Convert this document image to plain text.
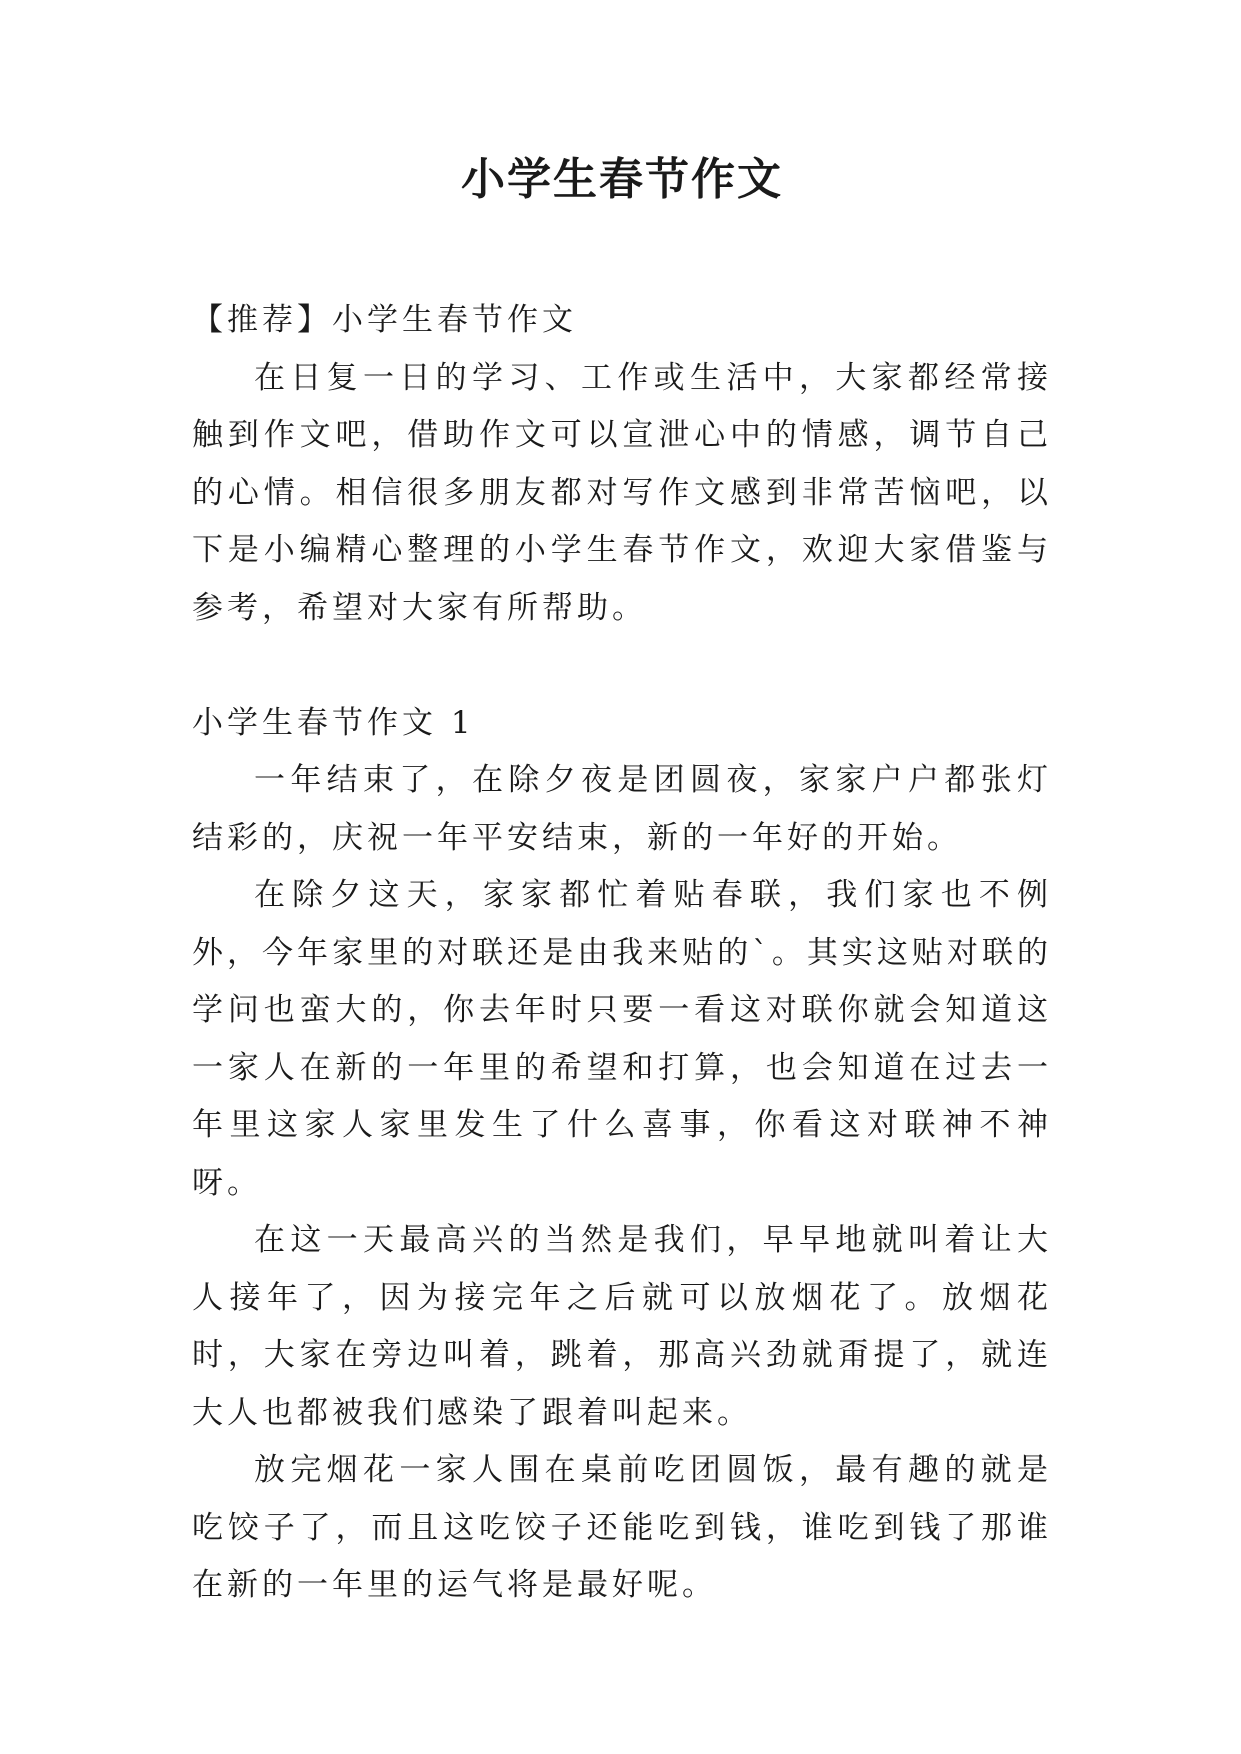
小学生春节作文

【推荐】小学生春节作文

在日复一日的学习、工作或生活中，大家都经常接触到作文吧，借助作文可以宣泄心中的情感，调节自己的心情。相信很多朋友都对写作文感到非常苦恼吧，以下是小编精心整理的小学生春节作文，欢迎大家借鉴与参考，希望对大家有所帮助。

小学生春节作文 1

一年结束了，在除夕夜是团圆夜，家家户户都张灯结彩的，庆祝一年平安结束，新的一年好的开始。

在除夕这天，家家都忙着贴春联，我们家也不例外，今年家里的对联还是由我来贴的`。其实这贴对联的学问也蛮大的，你去年时只要一看这对联你就会知道这一家人在新的一年里的希望和打算，也会知道在过去一年里这家人家里发生了什么喜事，你看这对联神不神呀。

在这一天最高兴的当然是我们，早早地就叫着让大人接年了，因为接完年之后就可以放烟花了。放烟花时，大家在旁边叫着，跳着，那高兴劲就甭提了，就连大人也都被我们感染了跟着叫起来。

放完烟花一家人围在桌前吃团圆饭，最有趣的就是吃饺子了，而且这吃饺子还能吃到钱，谁吃到钱了那谁在新的一年里的运气将是最好呢。
